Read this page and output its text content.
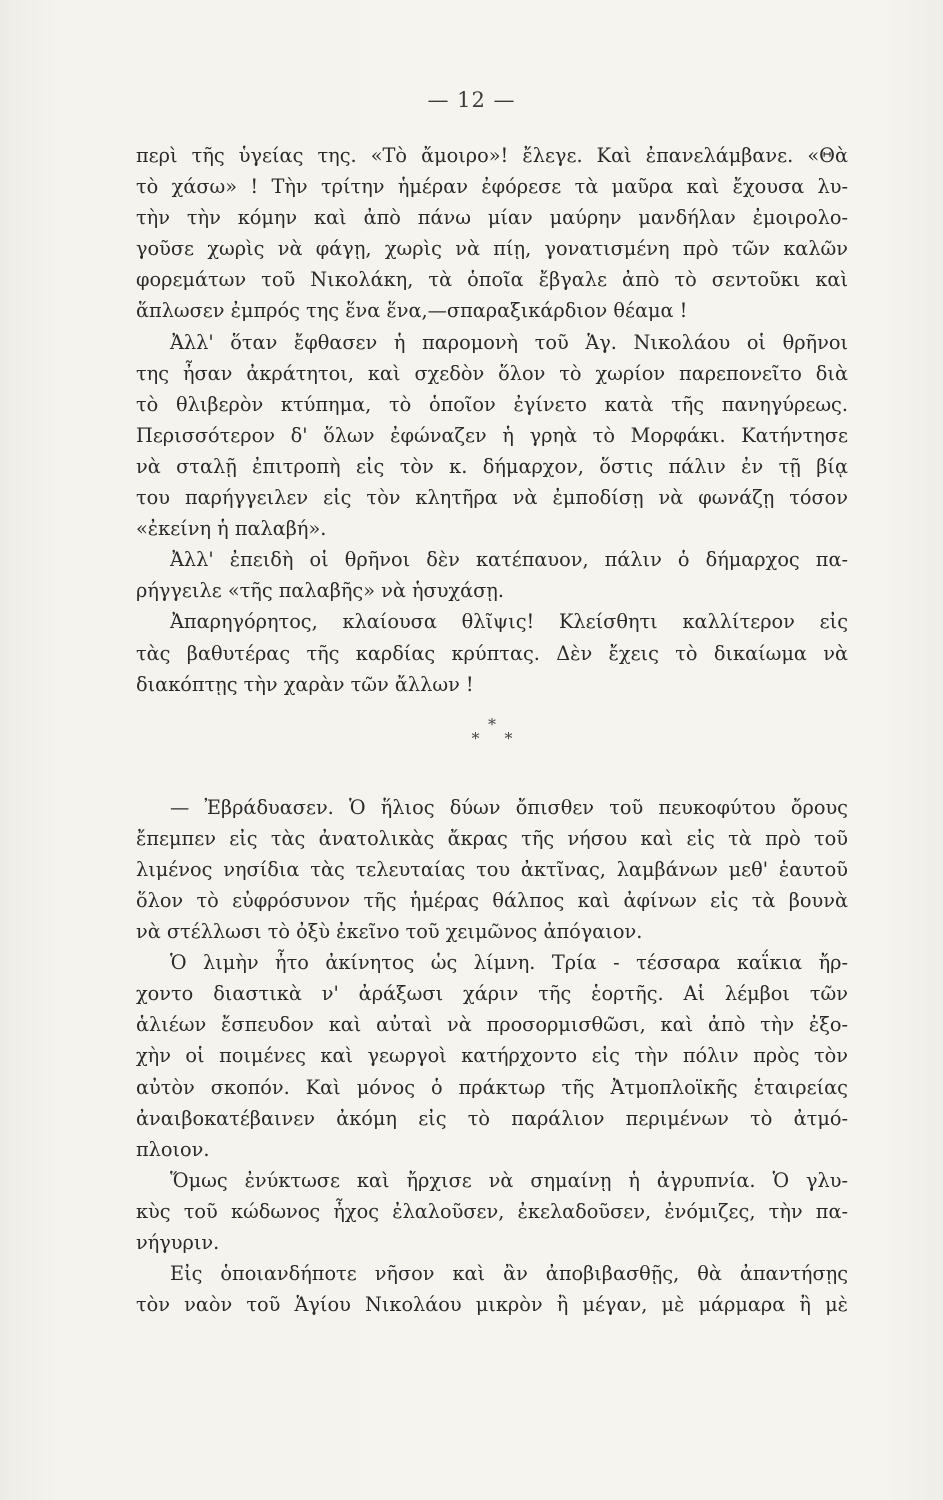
— 12 —
περὶ τῆς ὑγείας της. «Τὸ ἄμοιρο»! ἔλεγε. Καὶ ἐπανελάμβανε. «Θὰ
τὸ χάσω» ! Τὴν τρίτην ἡμέραν ἐφόρεσε τὰ μαῦρα καὶ ἔχουσα λυ-
τὴν τὴν κόμην καὶ ἀπὸ πάνω μίαν μαύρην μανδήλαν ἐμοιρολο-
γοῦσε χωρὶς νὰ φάγῃ, χωρὶς νὰ πίῃ, γονατισμένη πρὸ τῶν καλῶν
φορεμάτων τοῦ Νικολάκη, τὰ ὁποῖα ἔβγαλε ἀπὸ τὸ σεντοῦκι καὶ
ἅπλωσεν ἐμπρός της ἕνα ἕνα,—σπαραξικάρδιον θέαμα !
Ἀλλ' ὅταν ἔφθασεν ἡ παρομονὴ τοῦ Ἁγ. Νικολάου οἱ θρῆνοι
της ἦσαν ἀκράτητοι, καὶ σχεδὸν ὅλον τὸ χωρίον παρεπονεῖτο διὰ
τὸ θλιβερὸν κτύπημα, τὸ ὁποῖον ἐγίνετο κατὰ τῆς πανηγύρεως.
Περισσότερον δ' ὅλων ἐφώναζεν ἡ γρηὰ τὸ Μορφάκι. Κατήντησε
νὰ σταλῇ ἐπιτροπὴ εἰς τὸν κ. δήμαρχον, ὅστις πάλιν ἐν τῇ βίᾳ
του παρήγγειλεν εἰς τὸν κλητῆρα νὰ ἐμποδίσῃ νὰ φωνάζῃ τόσον
«ἐκείνη ἡ παλαβή».
Ἀλλ' ἐπειδὴ οἱ θρῆνοι δὲν κατέπαυον, πάλιν ὁ δήμαρχος πα-
ρήγγειλε «τῆς παλαβῆς» νὰ ἡσυχάσῃ.
Ἀπαρηγόρητος, κλαίουσα θλῖψις! Κλείσθητι καλλίτερον εἰς
τὰς βαθυτέρας τῆς καρδίας κρύπτας. Δὲν ἔχεις τὸ δικαίωμα νὰ
διακόπτῃς τὴν χαρὰν τῶν ἄλλων !
*
* *
— Ἐβράδυασεν. Ὁ ἥλιος δύων ὄπισθεν τοῦ πευκοφύτου ὄρους
ἔπεμπεν εἰς τὰς ἀνατολικὰς ἄκρας τῆς νήσου καὶ εἰς τὰ πρὸ τοῦ
λιμένος νησίδια τὰς τελευταίας του ἀκτῖνας, λαμβάνων μεθ' ἑαυτοῦ
ὅλον τὸ εὐφρόσυνον τῆς ἡμέρας θάλπος καὶ ἀφίνων εἰς τὰ βουνὰ
νὰ στέλλωσι τὸ ὀξὺ ἐκεῖνο τοῦ χειμῶνος ἀπόγαιον.
Ὁ λιμὴν ἦτο ἀκίνητος ὡς λίμνη. Τρία - τέσσαρα καΐκια ἤρ-
χοντο διαστικὰ ν' ἀράξωσι χάριν τῆς ἑορτῆς. Αἱ λέμβοι τῶν
ἁλιέων ἔσπευδον καὶ αὐταὶ νὰ προσορμισθῶσι, καὶ ἀπὸ τὴν ἐξο-
χὴν οἱ ποιμένες καὶ γεωργοὶ κατήρχοντο εἰς τὴν πόλιν πρὸς τὸν
αὐτὸν σκοπόν. Καὶ μόνος ὁ πράκτωρ τῆς Ἀτμοπλοϊκῆς ἑταιρείας
ἀναιβοκατέβαινεν ἀκόμη εἰς τὸ παράλιον περιμένων τὸ ἀτμό-
πλοιον.
Ὅμως ἐνύκτωσε καὶ ἤρχισε νὰ σημαίνῃ ἡ ἀγρυπνία. Ὁ γλυ-
κὺς τοῦ κώδωνος ἦχος ἐλαλοῦσεν, ἐκελαδοῦσεν, ἐνόμιζες, τὴν πα-
νήγυριν.
Εἰς ὁποιανδήποτε νῆσον καὶ ἂν ἀποβιβασθῇς, θὰ ἀπαντήσῃς
τὸν ναὸν τοῦ Ἁγίου Νικολάου μικρὸν ἢ μέγαν, μὲ μάρμαρα ἢ μὲ
